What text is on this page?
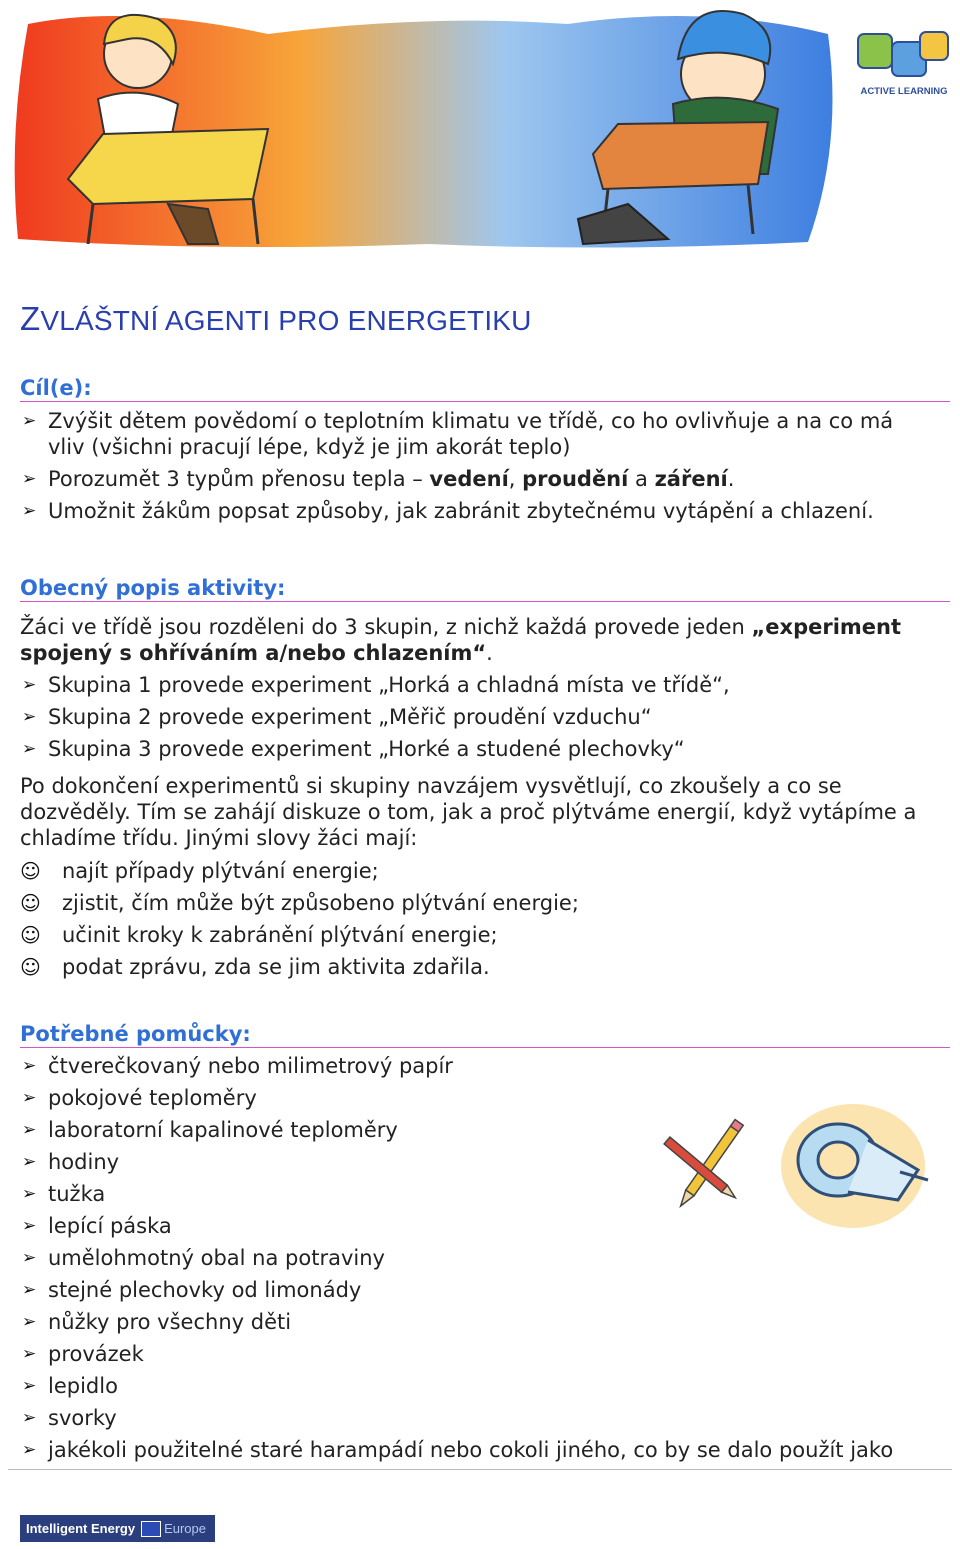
ACTIVE LEARNING
ZVLÁŠTNÍ AGENTI PRO ENERGETIKU
Cíl(e):
➢ Zvýšit dětem povědomí o teplotním klimatu ve třídě, co ho ovlivňuje a na co má
vliv (všichni pracují lépe, když je jim akorát teplo)
➢ Porozumět 3 typům přenosu tepla – vedení, proudění a záření.
➢ Umožnit žákům popsat způsoby, jak zabránit zbytečnému vytápění a chlazení.
Obecný popis aktivity:

Žáci ve třídě jsou rozděleni do 3 skupin, z nichž každá provede jeden „experiment spojený s ohříváním a/nebo chlazením“.

➢ Skupina 1 provede experiment „Horká a chladná místa ve třídě“,
➢ Skupina 2 provede experiment „Měřič proudění vzduchu“
➢ Skupina 3 provede experiment „Horké a studené plechovky“

Po dokončení experimentů si skupiny navzájem vysvětlují, co zkoušely a co se dozvěděly. Tím se zahájí diskuze o tom, jak a proč plýtváme energií, když vytápíme a chladíme třídu. Jinými slovy žáci mají:

☺ najít případy plýtvání energie;
☺ zjistit, čím může být způsobeno plýtvání energie;
☺ učinit kroky k zabránění plýtvání energie;
☺ podat zprávu, zda se jim aktivita zdařila.
Potřebné pomůcky:
➢ čtverečkovaný nebo milimetrový papír
➢ pokojové teploměry
➢ laboratorní kapalinové teploměry
➢ hodiny
➢ tužka
➢ lepící páska
➢ umělohmotný obal na potraviny
➢ stejné plechovky od limonády
➢ nůžky pro všechny děti
➢ provázek
➢ lepidlo
➢ svorky
➢ jakékoli použitelné staré harampádí nebo cokoli jiného, co by se dalo použít jako
Intelligent Energy Europe
